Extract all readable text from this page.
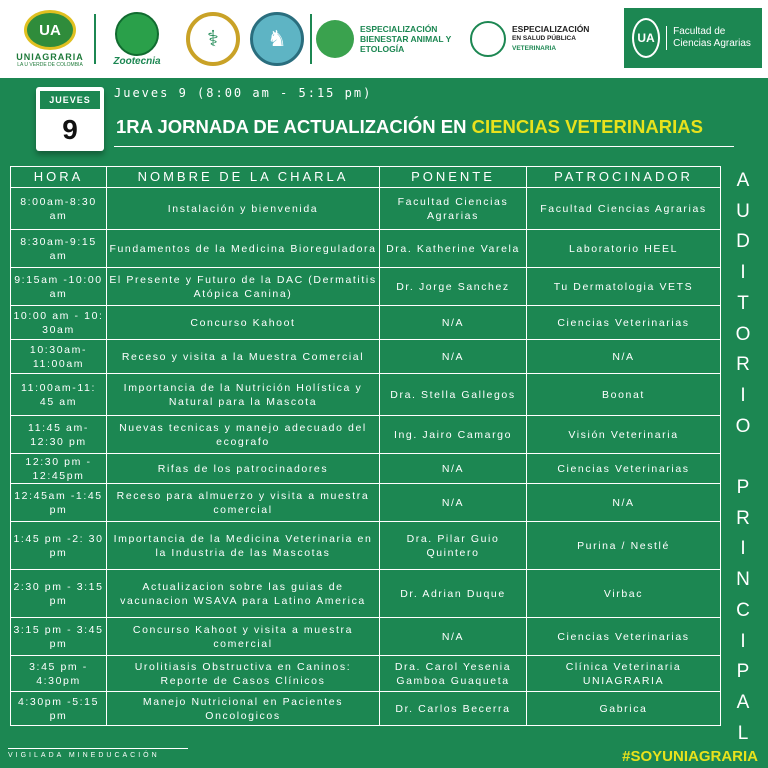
UA
UNIAGRARIA
LA U VERDE DE COLOMBIA	Zootecnia
⚕ ♞	ESPECIALIZACIÓN BIENESTAR ANIMAL Y ETOLOGÍA
ESPECIALIZACIÓN
EN SALUD PÚBLICA VETERINARIA
UA	Facultad de Ciencias Agrarias
JUEVES
9
Jueves 9 (8:00 am - 5:15 pm)
1RA JORNADA DE ACTUALIZACIÓN EN CIENCIAS VETERINARIAS
HORA	NOMBRE DE LA CHARLA	PONENTE	PATROCINADOR
8:00am-8:30 am	Instalación y bienvenida	Facultad Ciencias Agrarias	Facultad Ciencias Agrarias
8:30am-9:15 am	Fundamentos de la Medicina Bioreguladora	Dra. Katherine Varela	Laboratorio HEEL
9:15am -10:00 am	El Presente y Futuro de la DAC (Dermatitis Atópica Canina)	Dr. Jorge Sanchez	Tu Dermatologia VETS
10:00 am - 10: 30am	Concurso Kahoot	N/A	Ciencias Veterinarias
10:30am-11:00am	Receso y visita a la Muestra Comercial	N/A	N/A
11:00am-11: 45 am	Importancia de la Nutrición Holística y Natural para la Mascota	Dra. Stella Gallegos	Boonat
11:45 am-12:30 pm	Nuevas tecnicas y manejo adecuado del ecografo	Ing. Jairo Camargo	Visión Veterinaria
12:30 pm - 12:45pm	Rifas de los patrocinadores	N/A	Ciencias Veterinarias
12:45am -1:45 pm	Receso para almuerzo y visita a muestra comercial	N/A	N/A
1:45 pm -2: 30 pm	Importancia de la Medicina Veterinaria en la Industria de las Mascotas	Dra. Pilar Guio Quintero	Purina / Nestlé
2:30 pm - 3:15 pm	Actualizacion sobre las guias de vacunacion WSAVA para Latino America	Dr. Adrian Duque	Virbac
3:15 pm - 3:45 pm	Concurso Kahoot y visita a muestra comercial	N/A	Ciencias Veterinarias
3:45 pm - 4:30pm	Urolitiasis Obstructiva en Caninos: Reporte de Casos Clínicos	Dra. Carol Yesenia Gamboa Guaqueta	Clínica Veterinaria UNIAGRARIA
4:30pm -5:15 pm	Manejo Nutricional en Pacientes Oncologicos	Dr. Carlos Becerra	Gabrica
A
U
D
I
T
O
R
I
O

P
R
I
N
C
I
P
A
L
VIGILADA MINEDUCACIÓN	#SOYUNIAGRARIA
